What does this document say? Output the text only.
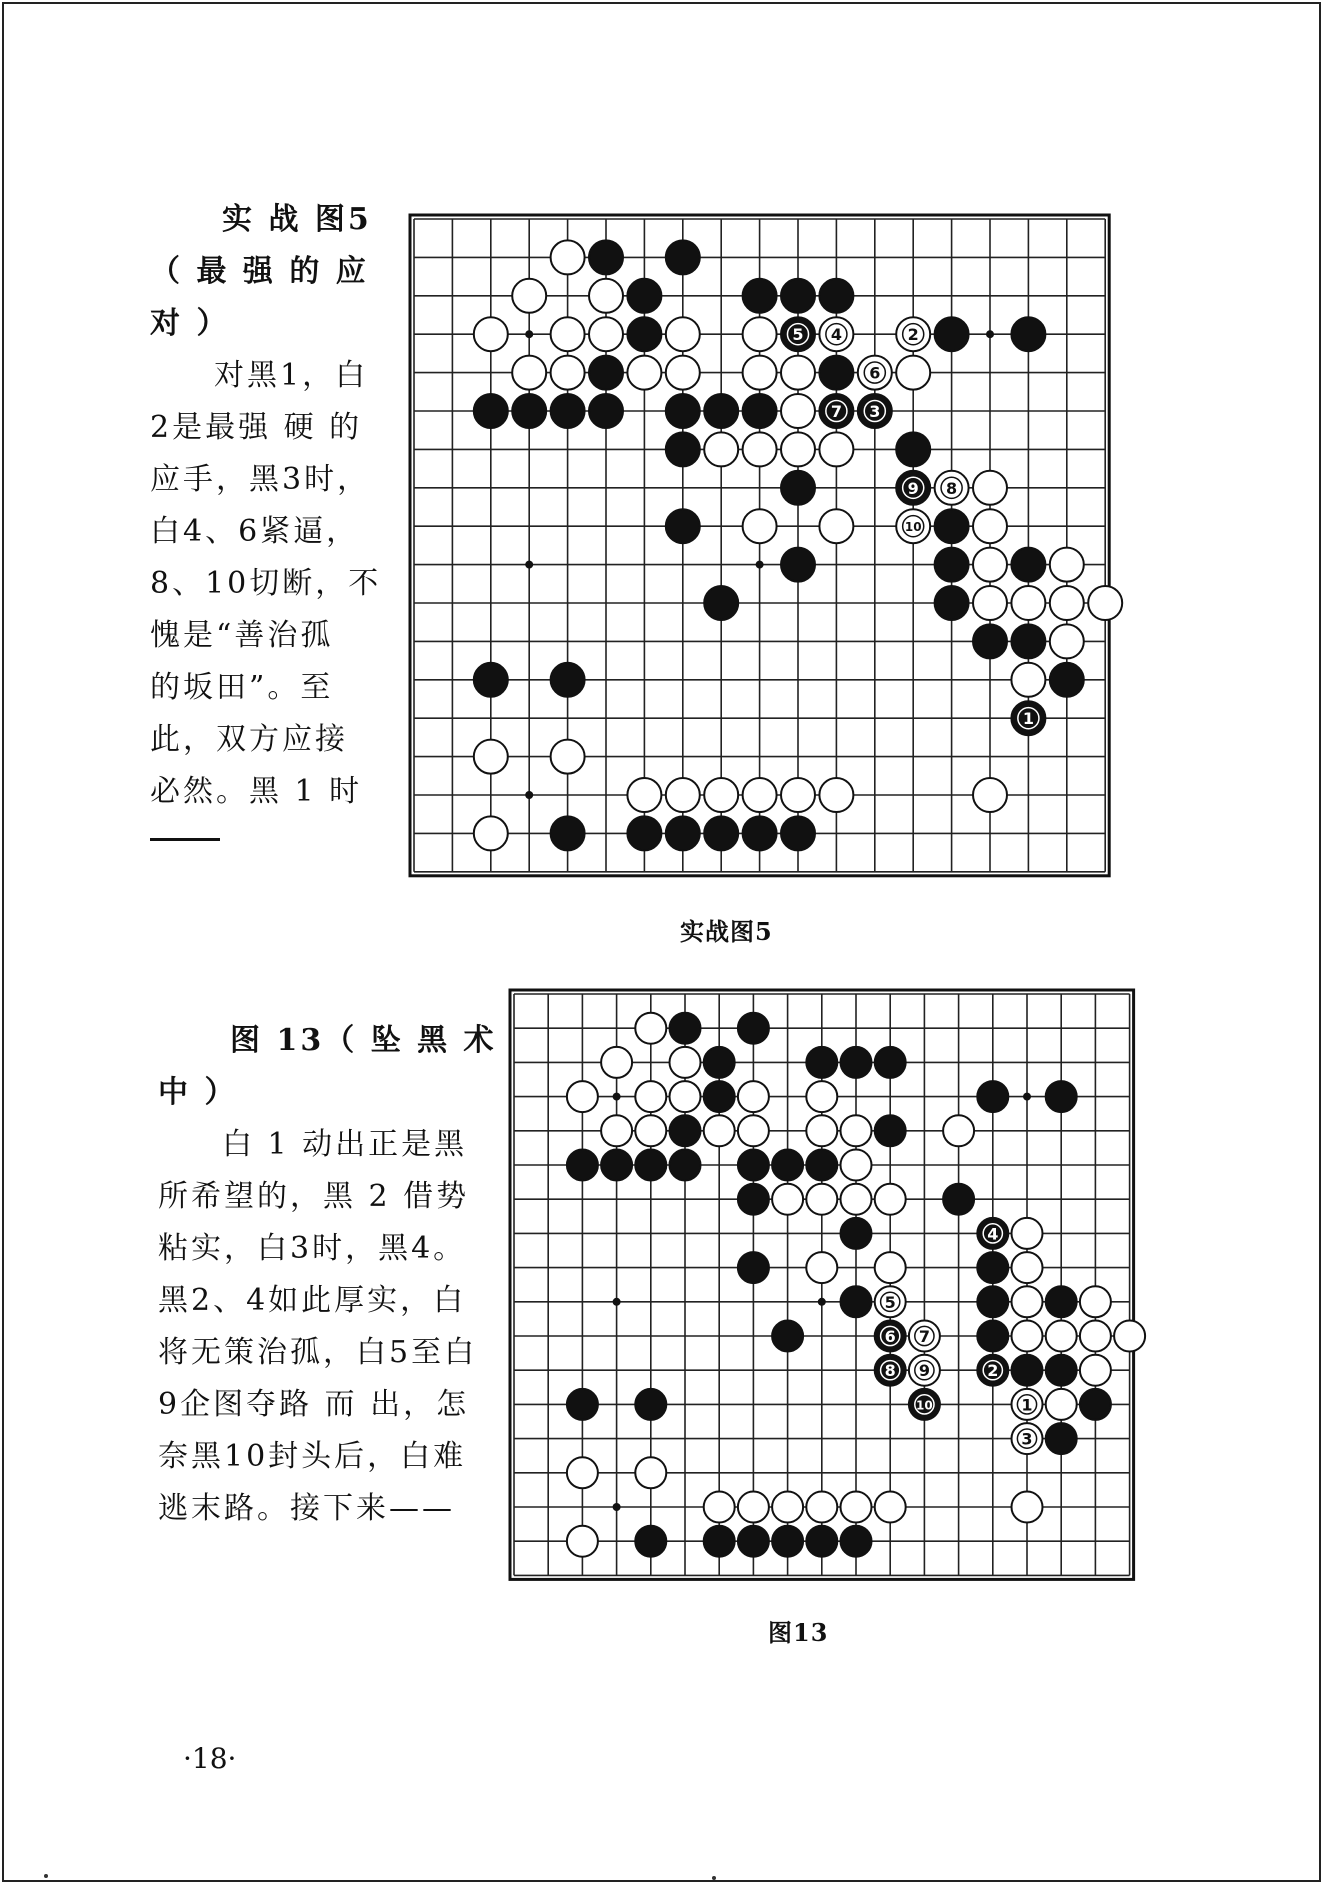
实 战 图5
（ 最 强 的 应
对 ）
对黑1，白
2是最强 硬 的
应手，黑3时，
白4、6紧逼，
8、10切断，不
愧是“善治孤
的坂田”。至
此，双方应接
必然。黑 1 时
5 4	2
6
7 3
9 8
10
1
实战图5
图 13（ 坠 黑 术
中 ）
白 1 动出正是黑
所希望的，黑 2 借势
粘实，白3时，黑4。
黑2、4如此厚实，白
将无策治孤，白5至白
9企图夺路 而 出，怎
奈黑10封头后，白难
逃末路。接下来——
4
5
6 7
8 9	2
10	1
3
图13
·18·
